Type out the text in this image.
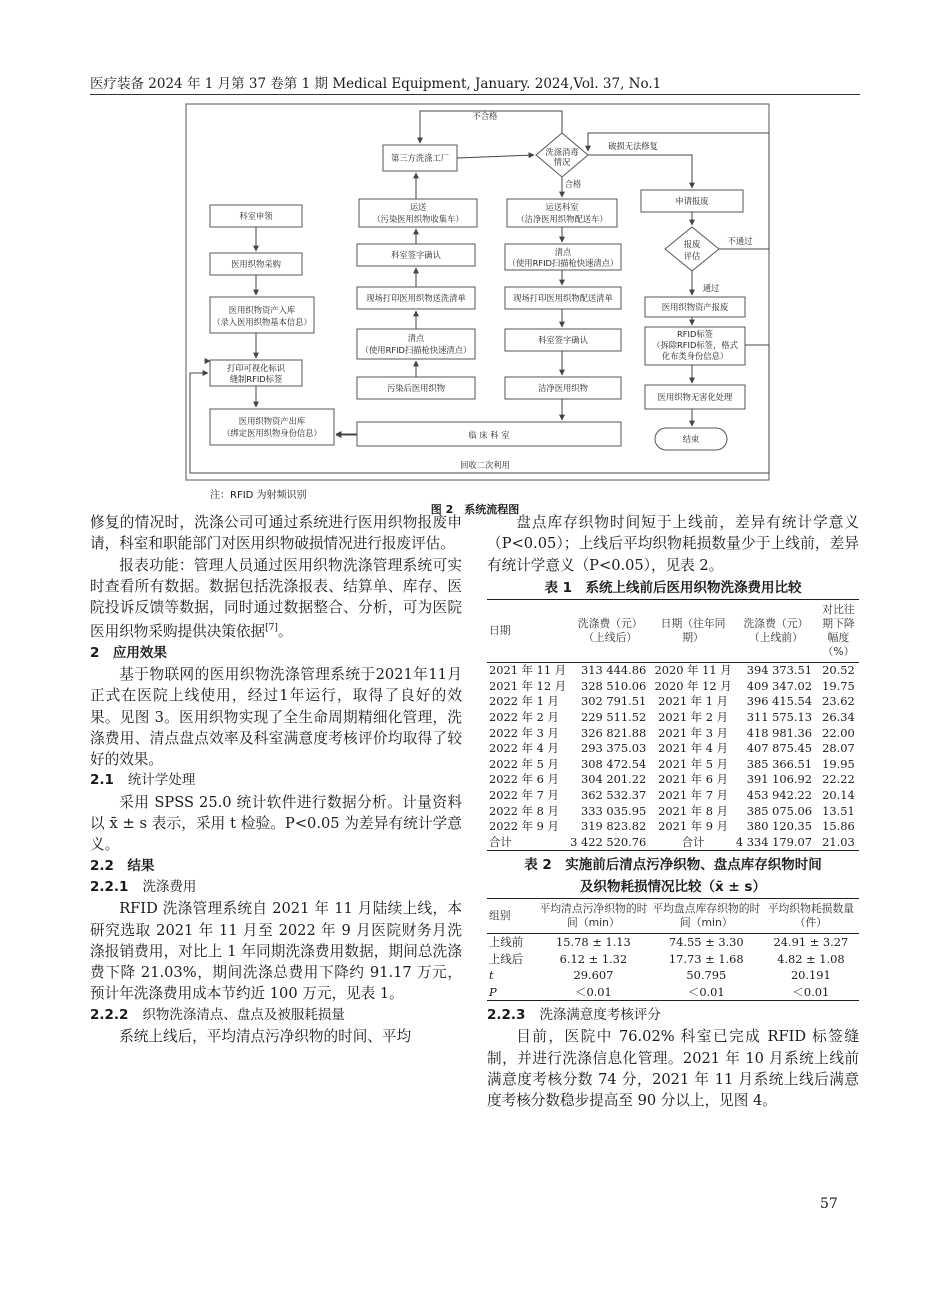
医疗装备 2024 年 1 月第 37 卷第 1 期 Medical Equipment, January. 2024,Vol. 37, No.1
不合格
第三方洗涤工厂
洗涤消毒
情况
破损无法修复
合格
申请报废
运送
（污染医用织物收集车）
运送科室
（洁净医用织物配送车）
科室申领
科室签字确认	清点
（使用RFID扫描枪快速清点）
报废
评估
不通过
医用织物采购
现场打印医用织物送洗清单	现场打印医用织物配送清单
通过
医用织物资产入库
（录入医用织物基本信息）
清点
（使用RFID扫描枪快速清点）
科室签字确认
医用织物资产报废
RFID标签
（拆除RFID标签，格式
化布类身份信息）
打印可视化标识
缝制RFID标签
污染后医用织物	洁净医用织物
医用织物无害化处理
医用织物资产出库
（绑定医用织物身份信息）	临 床 科 室	结束
回收二次利用
注：RFID 为射频识别
图 2　系统流程图

修复的情况时，洗涤公司可通过系统进行医用织物报废申请，科室和职能部门对医用织物破损情况进行报废评估。

报表功能：管理人员通过医用织物洗涤管理系统可实时查看所有数据。数据包括洗涤报表、结算单、库存、医院投诉反馈等数据，同时通过数据整合、分析，可为医院医用织物采购提供决策依据[7]。

2　应用效果

基于物联网的医用织物洗涤管理系统于2021年11月正式在医院上线使用，经过1年运行，取得了良好的效果。见图 3。医用织物实现了全生命周期精细化管理，洗涤费用、清点盘点效率及科室满意度考核评价均取得了较好的效果。

2.1 统计学处理

采用 SPSS 25.0 统计软件进行数据分析。计量资料以 x̄ ± s 表示，采用 t 检验。P<0.05 为差异有统计学意义。

2.2　结果

2.2.1 洗涤费用

RFID 洗涤管理系统自 2021 年 11 月陆续上线，本研究选取 2021 年 11 月至 2022 年 9 月医院财务月洗涤报销费用，对比上 1 年同期洗涤费用数据，期间总洗涤费下降 21.03%，期间洗涤总费用下降约 91.17 万元，预计年洗涤费用成本节约近 100 万元，见表 1。

2.2.2 织物洗涤清点、盘点及被服耗损量

系统上线后，平均清点污净织物的时间、平均

盘点库存织物时间短于上线前，差异有统计学意义（P<0.05）；上线后平均织物耗损数量少于上线前，差异有统计学意义（P<0.05），见表 2。

表 1　系统上线前后医用织物洗涤费用比较
日期	洗涤费（元）（上线后）	日期（往年同期）	洗涤费（元）（上线前）	对比往期下降幅度（%）
2021 年 11 月	313 444.86	2020 年 11 月	394 373.51	20.52
2021 年 12 月	328 510.06	2020 年 12 月	409 347.02	19.75
2022 年 1 月	302 791.51	2021 年 1 月	396 415.54	23.62
2022 年 2 月	229 511.52	2021 年 2 月	311 575.13	26.34
2022 年 3 月	326 821.88	2021 年 3 月	418 981.36	22.00
2022 年 4 月	293 375.03	2021 年 4 月	407 875.45	28.07
2022 年 5 月	308 472.54	2021 年 5 月	385 366.51	19.95
2022 年 6 月	304 201.22	2021 年 6 月	391 106.92	22.22
2022 年 7 月	362 532.37	2021 年 7 月	453 942.22	20.14
2022 年 8 月	333 035.95	2021 年 8 月	385 075.06	13.51
2022 年 9 月	319 823.82	2021 年 9 月	380 120.35	15.86
合计	3 422 520.76	合计	4 334 179.07	21.03
表 2　实施前后清点污净织物、盘点库存织物时间
及织物耗损情况比较（x̄ ± s）
组别	平均清点污净织物的时间（min）	平均盘点库存织物的时间（min）	平均织物耗损数量（件）
上线前	15.78 ± 1.13	74.55 ± 3.30	24.91 ± 3.27
上线后	6.12 ± 1.32	17.73 ± 1.68	4.82 ± 1.08
t	29.607	50.795	20.191
P	＜0.01	＜0.01	＜0.01

2.2.3 洗涤满意度考核评分

目前，医院中 76.02% 科室已完成 RFID 标签缝制，并进行洗涤信息化管理。2021 年 10 月系统上线前满意度考核分数 74 分，2021 年 11 月系统上线后满意度考核分数稳步提高至 90 分以上，见图 4。

57
